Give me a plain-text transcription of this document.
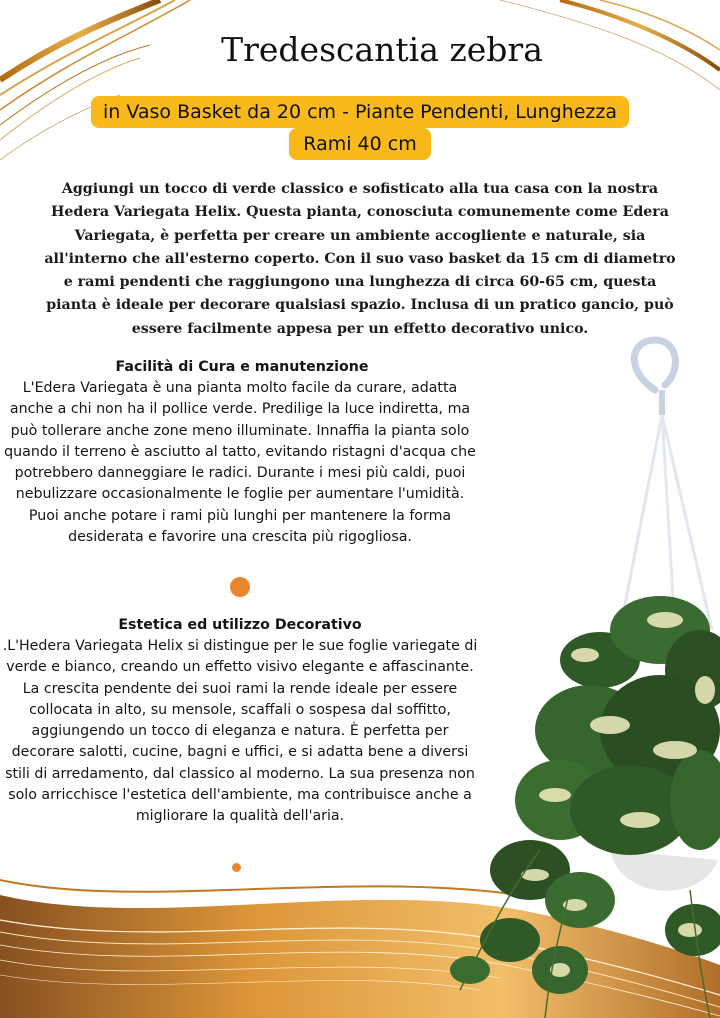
Tredescantia zebra
in Vaso Basket da 20 cm - Piante Pendenti, Lunghezza
Rami 40 cm
Aggiungi un tocco di verde classico e sofisticato alla tua casa con la nostra Hedera Variegata Helix. Questa pianta, conosciuta comunemente come Edera Variegata, è perfetta per creare un ambiente accogliente e naturale, sia all'interno che all'esterno coperto. Con il suo vaso basket da 15 cm di diametro e rami pendenti che raggiungono una lunghezza di circa 60-65 cm, questa pianta è ideale per decorare qualsiasi spazio. Inclusa di un pratico gancio, può essere facilmente appesa per un effetto decorativo unico.
Facilità di Cura e manutenzione

L'Edera Variegata è una pianta molto facile da curare, adatta anche a chi non ha il pollice verde. Predilige la luce indiretta, ma può tollerare anche zone meno illuminate. Innaffia la pianta solo quando il terreno è asciutto al tatto, evitando ristagni d'acqua che potrebbero danneggiare le radici. Durante i mesi più caldi, puoi nebulizzare occasionalmente le foglie per aumentare l'umidità. Puoi anche potare i rami più lunghi per mantenere la forma desiderata e favorire una crescita più rigogliosa.

Estetica ed utilizzo Decorativo

.L'Hedera Variegata Helix si distingue per le sue foglie variegate di verde e bianco, creando un effetto visivo elegante e affascinante. La crescita pendente dei suoi rami la rende ideale per essere collocata in alto, su mensole, scaffali o sospesa dal soffitto, aggiungendo un tocco di eleganza e natura. È perfetta per decorare salotti, cucine, bagni e uffici, e si adatta bene a diversi stili di arredamento, dal classico al moderno. La sua presenza non solo arricchisce l'estetica dell'ambiente, ma contribuisce anche a migliorare la qualità dell'aria.
